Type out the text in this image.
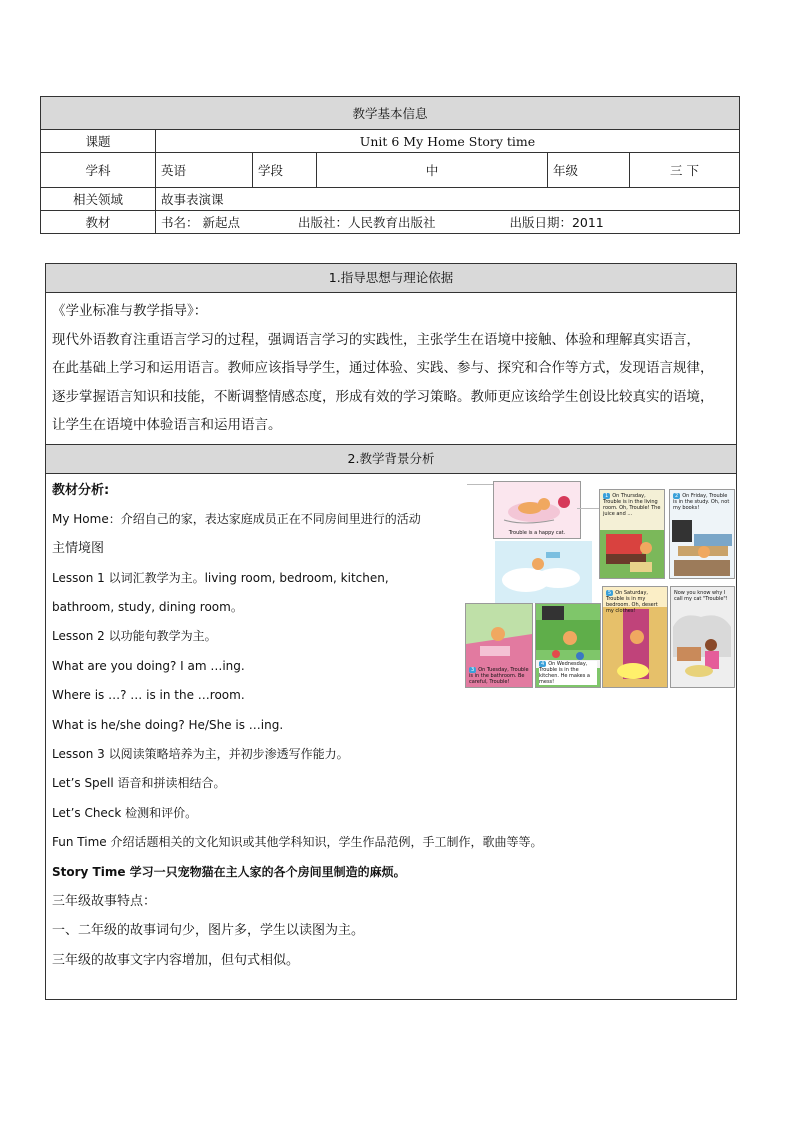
教学基本信息					
课题	Unit 6 My Home Story time				
学科	英语	学段	中	年级	三 下
相关领域	故事表演课				
教材	书名： 新起点 出版社：人民教育出版社 出版日期：2011				
1.指导思想与理论依据
《学业标准与教学指导》：
现代外语教育注重语言学习的过程，强调语言学习的实践性，主张学生在语境中接触、体验和理解真实语言，
在此基础上学习和运用语言。教师应该指导学生，通过体验、实践、参与、探究和合作等方式，发现语言规律，
逐步掌握语言知识和技能，不断调整情感态度，形成有效的学习策略。教师更应该给学生创设比较真实的语境，
让学生在语境中体验语言和运用语言。
2.教学背景分析
教材分析:
My Home：介绍自己的家，表达家庭成员正在不同房间里进行的活动
主情境图
Lesson 1 以词汇教学为主。living room, bedroom, kitchen,
bathroom, study, dining room。
Lesson 2 以功能句教学为主。
What are you doing? I am …ing.
Where is …? … is in the …room.
What is he/she doing? He/She is …ing.
Lesson 3 以阅读策略培养为主，并初步渗透写作能力。
Let’s Spell 语音和拼读相结合。
Let’s Check 检测和评价。
Fun Time 介绍话题相关的文化知识或其他学科知识，学生作品范例，手工制作，歌曲等等。
Story Time 学习一只宠物猫在主人家的各个房间里制造的麻烦。
三年级故事特点：
一、二年级的故事词句少，图片多，学生以读图为主。
三年级的故事文字内容增加，但句式相似。
Trouble is a happy cat.
1 On Thursday, Trouble is in the living room. Oh, Trouble! The juice and ...
2 On Friday, Trouble is in the study. Oh, not my books!
3 On Tuesday, Trouble is in the bathroom. Be careful, Trouble!
4 On Wednesday, Trouble is in the kitchen. He makes a mess!
5 On Saturday, Trouble is in my bedroom. Oh, desert my clothes!
Now you know why I call my cat "Trouble"!
